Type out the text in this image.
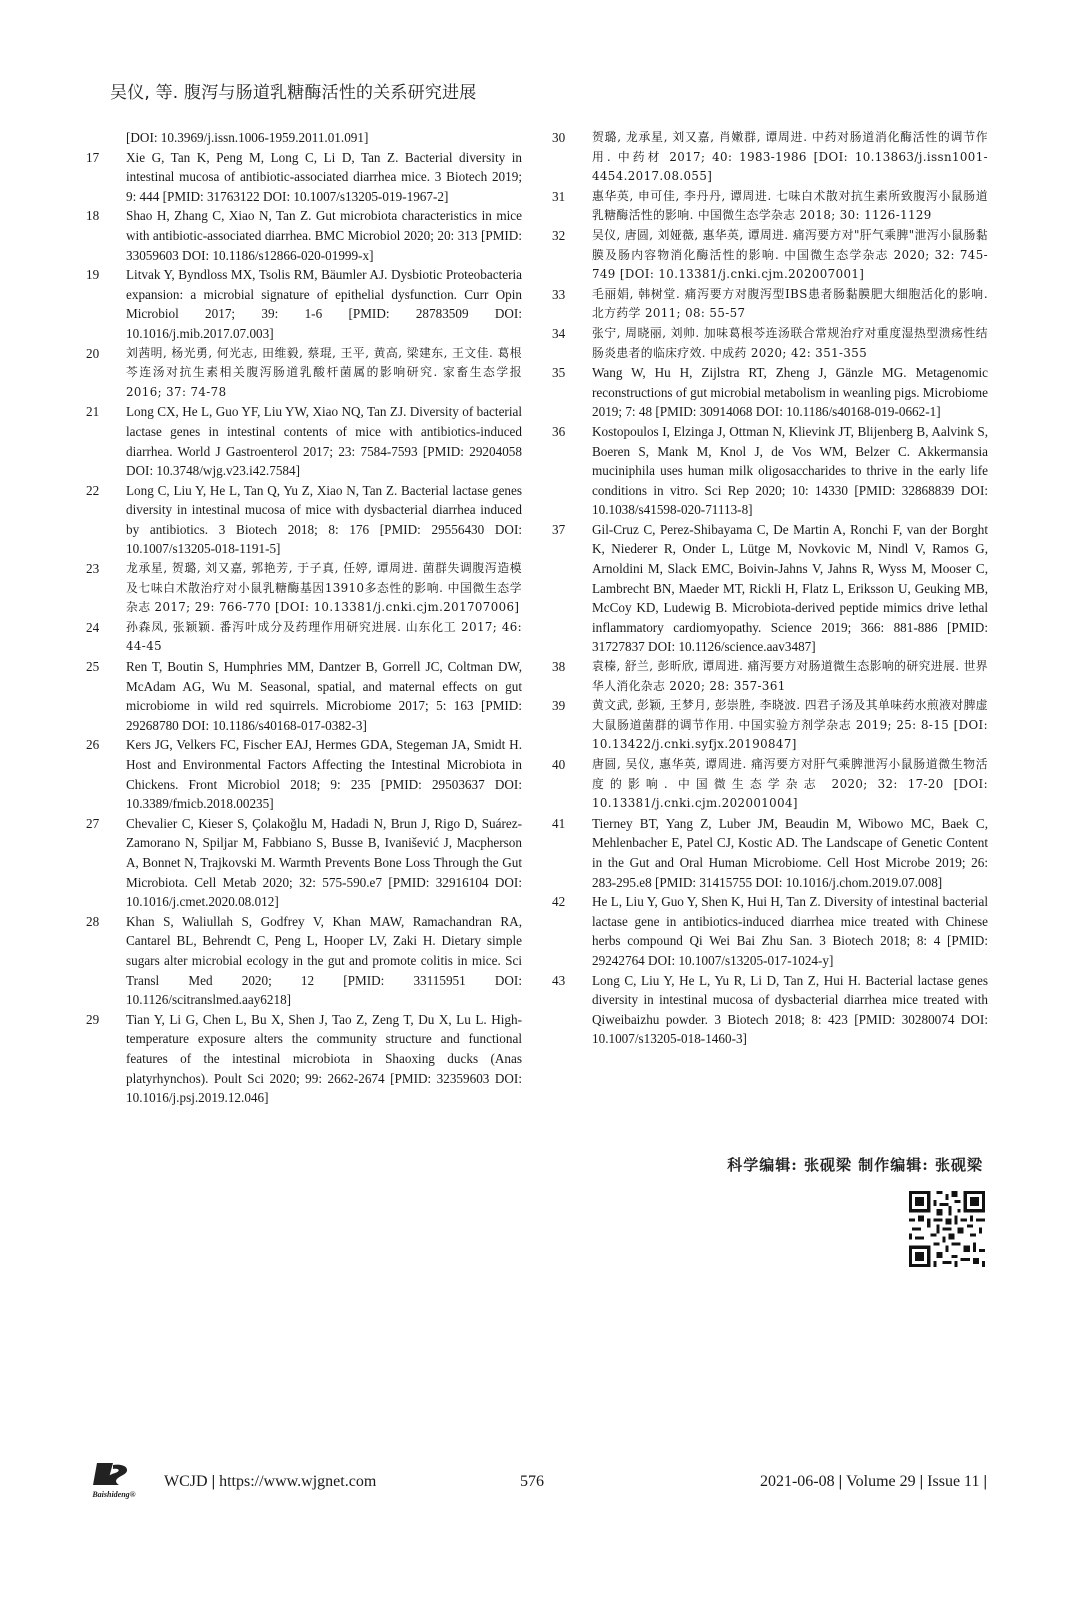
吴仪, 等. 腹泻与肠道乳糖酶活性的关系研究进展
[DOI: 10.3969/j.issn.1006-1959.2011.01.091]
17	Xie G, Tan K, Peng M, Long C, Li D, Tan Z. Bacterial diversity in intestinal mucosa of antibiotic-associated diarrhea mice. 3 Biotech 2019; 9: 444 [PMID: 31763122 DOI: 10.1007/s13205-019-1967-2]
18	Shao H, Zhang C, Xiao N, Tan Z. Gut microbiota characteristics in mice with antibiotic-associated diarrhea. BMC Microbiol 2020; 20: 313 [PMID: 33059603 DOI: 10.1186/s12866-020-01999-x]
19	Litvak Y, Byndloss MX, Tsolis RM, Bäumler AJ. Dysbiotic Proteobacteria expansion: a microbial signature of epithelial dysfunction. Curr Opin Microbiol 2017; 39: 1-6 [PMID: 28783509 DOI: 10.1016/j.mib.2017.07.003]
20	刘茜明, 杨光勇, 何光志, 田维毅, 蔡琨, 王平, 黄高, 梁建东, 王文佳. 葛根芩连汤对抗生素相关腹泻肠道乳酸杆菌属的影响研究. 家畜生态学报 2016; 37: 74-78
21	Long CX, He L, Guo YF, Liu YW, Xiao NQ, Tan ZJ. Diversity of bacterial lactase genes in intestinal contents of mice with antibiotics-induced diarrhea. World J Gastroenterol 2017; 23: 7584-7593 [PMID: 29204058 DOI: 10.3748/wjg.v23.i42.7584]
22	Long C, Liu Y, He L, Tan Q, Yu Z, Xiao N, Tan Z. Bacterial lactase genes diversity in intestinal mucosa of mice with dysbacterial diarrhea induced by antibiotics. 3 Biotech 2018; 8: 176 [PMID: 29556430 DOI: 10.1007/s13205-018-1191-5]
23	龙承星, 贺璐, 刘又嘉, 郭艳芳, 于子真, 任婷, 谭周进. 菌群失调腹泻造模及七味白术散治疗对小鼠乳糖酶基因13910多态性的影响. 中国微生态学杂志 2017; 29: 766-770 [DOI: 10.13381/j.cnki.cjm.201707006]
24	孙森凤, 张颖颖. 番泻叶成分及药理作用研究进展. 山东化工 2017; 46: 44-45
25	Ren T, Boutin S, Humphries MM, Dantzer B, Gorrell JC, Coltman DW, McAdam AG, Wu M. Seasonal, spatial, and maternal effects on gut microbiome in wild red squirrels. Microbiome 2017; 5: 163 [PMID: 29268780 DOI: 10.1186/s40168-017-0382-3]
26	Kers JG, Velkers FC, Fischer EAJ, Hermes GDA, Stegeman JA, Smidt H. Host and Environmental Factors Affecting the Intestinal Microbiota in Chickens. Front Microbiol 2018; 9: 235 [PMID: 29503637 DOI: 10.3389/fmicb.2018.00235]
27	Chevalier C, Kieser S, Çolakoğlu M, Hadadi N, Brun J, Rigo D, Suárez-Zamorano N, Spiljar M, Fabbiano S, Busse B, Ivanišević J, Macpherson A, Bonnet N, Trajkovski M. Warmth Prevents Bone Loss Through the Gut Microbiota. Cell Metab 2020; 32: 575-590.e7 [PMID: 32916104 DOI: 10.1016/j.cmet.2020.08.012]
28	Khan S, Waliullah S, Godfrey V, Khan MAW, Ramachandran RA, Cantarel BL, Behrendt C, Peng L, Hooper LV, Zaki H. Dietary simple sugars alter microbial ecology in the gut and promote colitis in mice. Sci Transl Med 2020; 12 [PMID: 33115951 DOI: 10.1126/scitranslmed.aay6218]
29	Tian Y, Li G, Chen L, Bu X, Shen J, Tao Z, Zeng T, Du X, Lu L. High-temperature exposure alters the community structure and functional features of the intestinal microbiota in Shaoxing ducks (Anas platyrhynchos). Poult Sci 2020; 99: 2662-2674 [PMID: 32359603 DOI: 10.1016/j.psj.2019.12.046]
30	贺璐, 龙承星, 刘又嘉, 肖嫩群, 谭周进. 中药对肠道消化酶活性的调节作用. 中药材 2017; 40: 1983-1986 [DOI: 10.13863/j.issn1001-4454.2017.08.055]
31	惠华英, 申可佳, 李丹丹, 谭周进. 七味白术散对抗生素所致腹泻小鼠肠道乳糖酶活性的影响. 中国微生态学杂志 2018; 30: 1126-1129
32	吴仪, 唐圆, 刘娅薇, 惠华英, 谭周进. 痛泻要方对"肝气乘脾"泄泻小鼠肠黏膜及肠内容物消化酶活性的影响. 中国微生态学杂志 2020; 32: 745-749 [DOI: 10.13381/j.cnki.cjm.202007001]
33	毛丽娟, 韩树堂. 痛泻要方对腹泻型IBS患者肠黏膜肥大细胞活化的影响. 北方药学 2011; 08: 55-57
34	张宁, 周晓丽, 刘帅. 加味葛根芩连汤联合常规治疗对重度湿热型溃疡性结肠炎患者的临床疗效. 中成药 2020; 42: 351-355
35	Wang W, Hu H, Zijlstra RT, Zheng J, Gänzle MG. Metagenomic reconstructions of gut microbial metabolism in weanling pigs. Microbiome 2019; 7: 48 [PMID: 30914068 DOI: 10.1186/s40168-019-0662-1]
36	Kostopoulos I, Elzinga J, Ottman N, Klievink JT, Blijenberg B, Aalvink S, Boeren S, Mank M, Knol J, de Vos WM, Belzer C. Akkermansia muciniphila uses human milk oligosaccharides to thrive in the early life conditions in vitro. Sci Rep 2020; 10: 14330 [PMID: 32868839 DOI: 10.1038/s41598-020-71113-8]
37	Gil-Cruz C, Perez-Shibayama C, De Martin A, Ronchi F, van der Borght K, Niederer R, Onder L, Lütge M, Novkovic M, Nindl V, Ramos G, Arnoldini M, Slack EMC, Boivin-Jahns V, Jahns R, Wyss M, Mooser C, Lambrecht BN, Maeder MT, Rickli H, Flatz L, Eriksson U, Geuking MB, McCoy KD, Ludewig B. Microbiota-derived peptide mimics drive lethal inflammatory cardiomyopathy. Science 2019; 366: 881-886 [PMID: 31727837 DOI: 10.1126/science.aav3487]
38	袁榛, 舒兰, 彭昕欣, 谭周进. 痛泻要方对肠道微生态影响的研究进展. 世界华人消化杂志 2020; 28: 357-361
39	黄文武, 彭颖, 王梦月, 彭崇胜, 李晓波. 四君子汤及其单味药水煎液对脾虚大鼠肠道菌群的调节作用. 中国实验方剂学杂志 2019; 25: 8-15 [DOI: 10.13422/j.cnki.syfjx.20190847]
40	唐圆, 吴仪, 惠华英, 谭周进. 痛泻要方对肝气乘脾泄泻小鼠肠道微生物活度的影响. 中国微生态学杂志 2020; 32: 17-20 [DOI: 10.13381/j.cnki.cjm.202001004]
41	Tierney BT, Yang Z, Luber JM, Beaudin M, Wibowo MC, Baek C, Mehlenbacher E, Patel CJ, Kostic AD. The Landscape of Genetic Content in the Gut and Oral Human Microbiome. Cell Host Microbe 2019; 26: 283-295.e8 [PMID: 31415755 DOI: 10.1016/j.chom.2019.07.008]
42	He L, Liu Y, Guo Y, Shen K, Hui H, Tan Z. Diversity of intestinal bacterial lactase gene in antibiotics-induced diarrhea mice treated with Chinese herbs compound Qi Wei Bai Zhu San. 3 Biotech 2018; 8: 4 [PMID: 29242764 DOI: 10.1007/s13205-017-1024-y]
43	Long C, Liu Y, He L, Yu R, Li D, Tan Z, Hui H. Bacterial lactase genes diversity in intestinal mucosa of dysbacterial diarrhea mice treated with Qiweibaizhu powder. 3 Biotech 2018; 8: 423 [PMID: 30280074 DOI: 10.1007/s13205-018-1460-3]
科学编辑: 张砚梁 制作编辑: 张砚梁
Baishideng®
WCJD | https://www.wjgnet.com	576	2021-06-08 | Volume 29 | Issue 11 |
